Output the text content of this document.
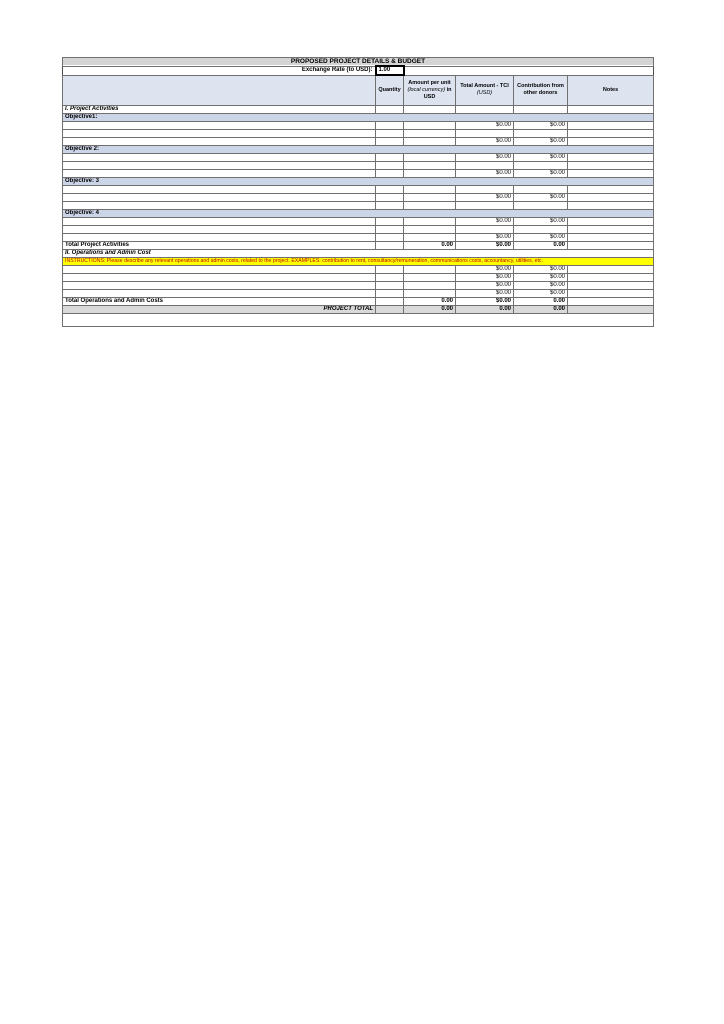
PROPOSED PROJECT DETAILS & BUDGET					
Exchange Rate (to USD):	1.00				
	Quantity	Amount per unit
(local currency) in
USD	Total Amount - TCI
(USD)	Contribution from other donors	Notes
I. Project Activities					
Objective1:					
			$0.00	$0.00	

			$0.00	$0.00	
Objective 2:					
			$0.00	$0.00	

			$0.00	$0.00	
Objective: 3					

			$0.00	$0.00	

Objective: 4					
			$0.00	$0.00	

			$0.00	$0.00	
Total Project Activities		0.00	$0.00	0.00	
II. Operations and Admin Cost					
INSTRUCTIONS: Please describe any relevant operations and admin costs, related to the project. EXAMPLES: contribution to rent, consultancy/remuneration, communications costs, accountancy, utilities, etc.					
			$0.00	$0.00	
			$0.00	$0.00	
			$0.00	$0.00	
			$0.00	$0.00	
Total Operations and Admin Costs		0.00	$0.00	0.00	
PROJECT TOTAL		0.00	0.00	0.00	
